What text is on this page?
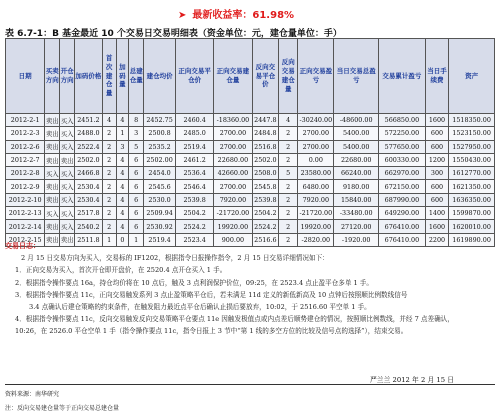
➤ 最新收益率：61.98%
表 6.7-1：B 基金最近 10 个交易日交易明细表（资金单位：元，建仓量单位：手）
日期	买卖方向	开仓方向	加码价格	首次建仓量	加码量	总建仓量	建仓均价	正向交易平仓价	正向交易建仓量	反向交易平仓价	反向交易建仓量	正向交易盈亏	当日交易总盈亏	交易累计盈亏	当日手续费	资产
2012-2-1	卖出	买入	2451.2	4	4	8	2452.75	2460.4	-18360.00	2447.8	4	-30240.00	-48600.00	566850.00	1600	1518350.00
2012-2-3	卖出	买入	2488.0	2	1	3	2500.8	2485.0	2700.00	2484.8	2	2700.00	5400.00	572250.00	600	1523150.00
2012-2-6	卖出	买入	2522.4	2	3	5	2535.2	2519.4	2700.00	2516.8	2	2700.00	5400.00	577650.00	600	1527950.00
2012-2-7	卖出	卖出	2502.0	2	4	6	2502.00	2461.2	22680.00	2502.0	2	0.00	22680.00	600330.00	1200	1550430.00
2012-2-8	买入	买入	2466.8	2	4	6	2454.0	2536.4	42660.00	2508.0	5	23580.00	66240.00	662970.00	300	1612770.00
2012-2-9	卖出	买入	2530.4	2	4	6	2545.6	2546.4	2700.00	2545.8	2	6480.00	9180.00	672150.00	600	1621350.00
2012-2-10	卖出	买入	2530.4	2	4	6	2530.0	2539.8	7920.00	2539.8	2	7920.00	15840.00	687990.00	600	1636350.00
2012-2-13	买入	买入	2517.8	2	4	6	2509.94	2504.2	-21720.00	2504.2	2	-21720.00	-33480.00	649290.00	1400	1599870.00
2012-2-14	卖出	买入	2540.2	2	4	6	2530.92	2524.2	19920.00	2524.2	2	19920.00	27120.00	676410.00	1600	1620010.00
2012-2-15	卖出	卖出	2511.8	1	0	1	2519.4	2523.4	900.00	2516.6	2	-2820.00	-1920.00	676410.00	2200	1619890.00

交易日志：

2 月 15 日交易方向为买入，交易标的 IF1202，根据指令日报操作指令，2 月 15 日交易详细情况如下：

1．正向交易为买入，首次开仓即开盘价，在 2520.4 点开仓买入 1 手。

2．根据指令操作要点 16a，持仓均价将在 10 点后，触及 3 点利润保护价位，09:25，在 2523.4 点止盈平仓多单 1 手。

3．根据指令操作要点 11c，正向交易触发系列 3 点止盈策略平仓后，若未满足 11d 定义的新低新高及 10 点钟后按照顺比例数线信号

3.4 点确认后建仓策略的约束条件，在触发阻力最近点平仓后确认止损后要放弃，10:02，于 2516.60 平空单 1 手。

4．根据指令操作要点 11c，反向交易触发反向交易策略平仓要点 11e 因触发极值点或内点差后顺势建仓的情况，按照顺比例数线，并经 7 点差确认，

10:26，在 2526.0 平仓空单 1 手（指令操作要点 11c，指令日报上 3 节中“第 1 线的多空方位的比较及信号点的选择”），结束交易。

严兰兰 2012 年 2 月 15 日
资料来源：南华研究
注：反向交易建仓量等于正向交易总建仓量
